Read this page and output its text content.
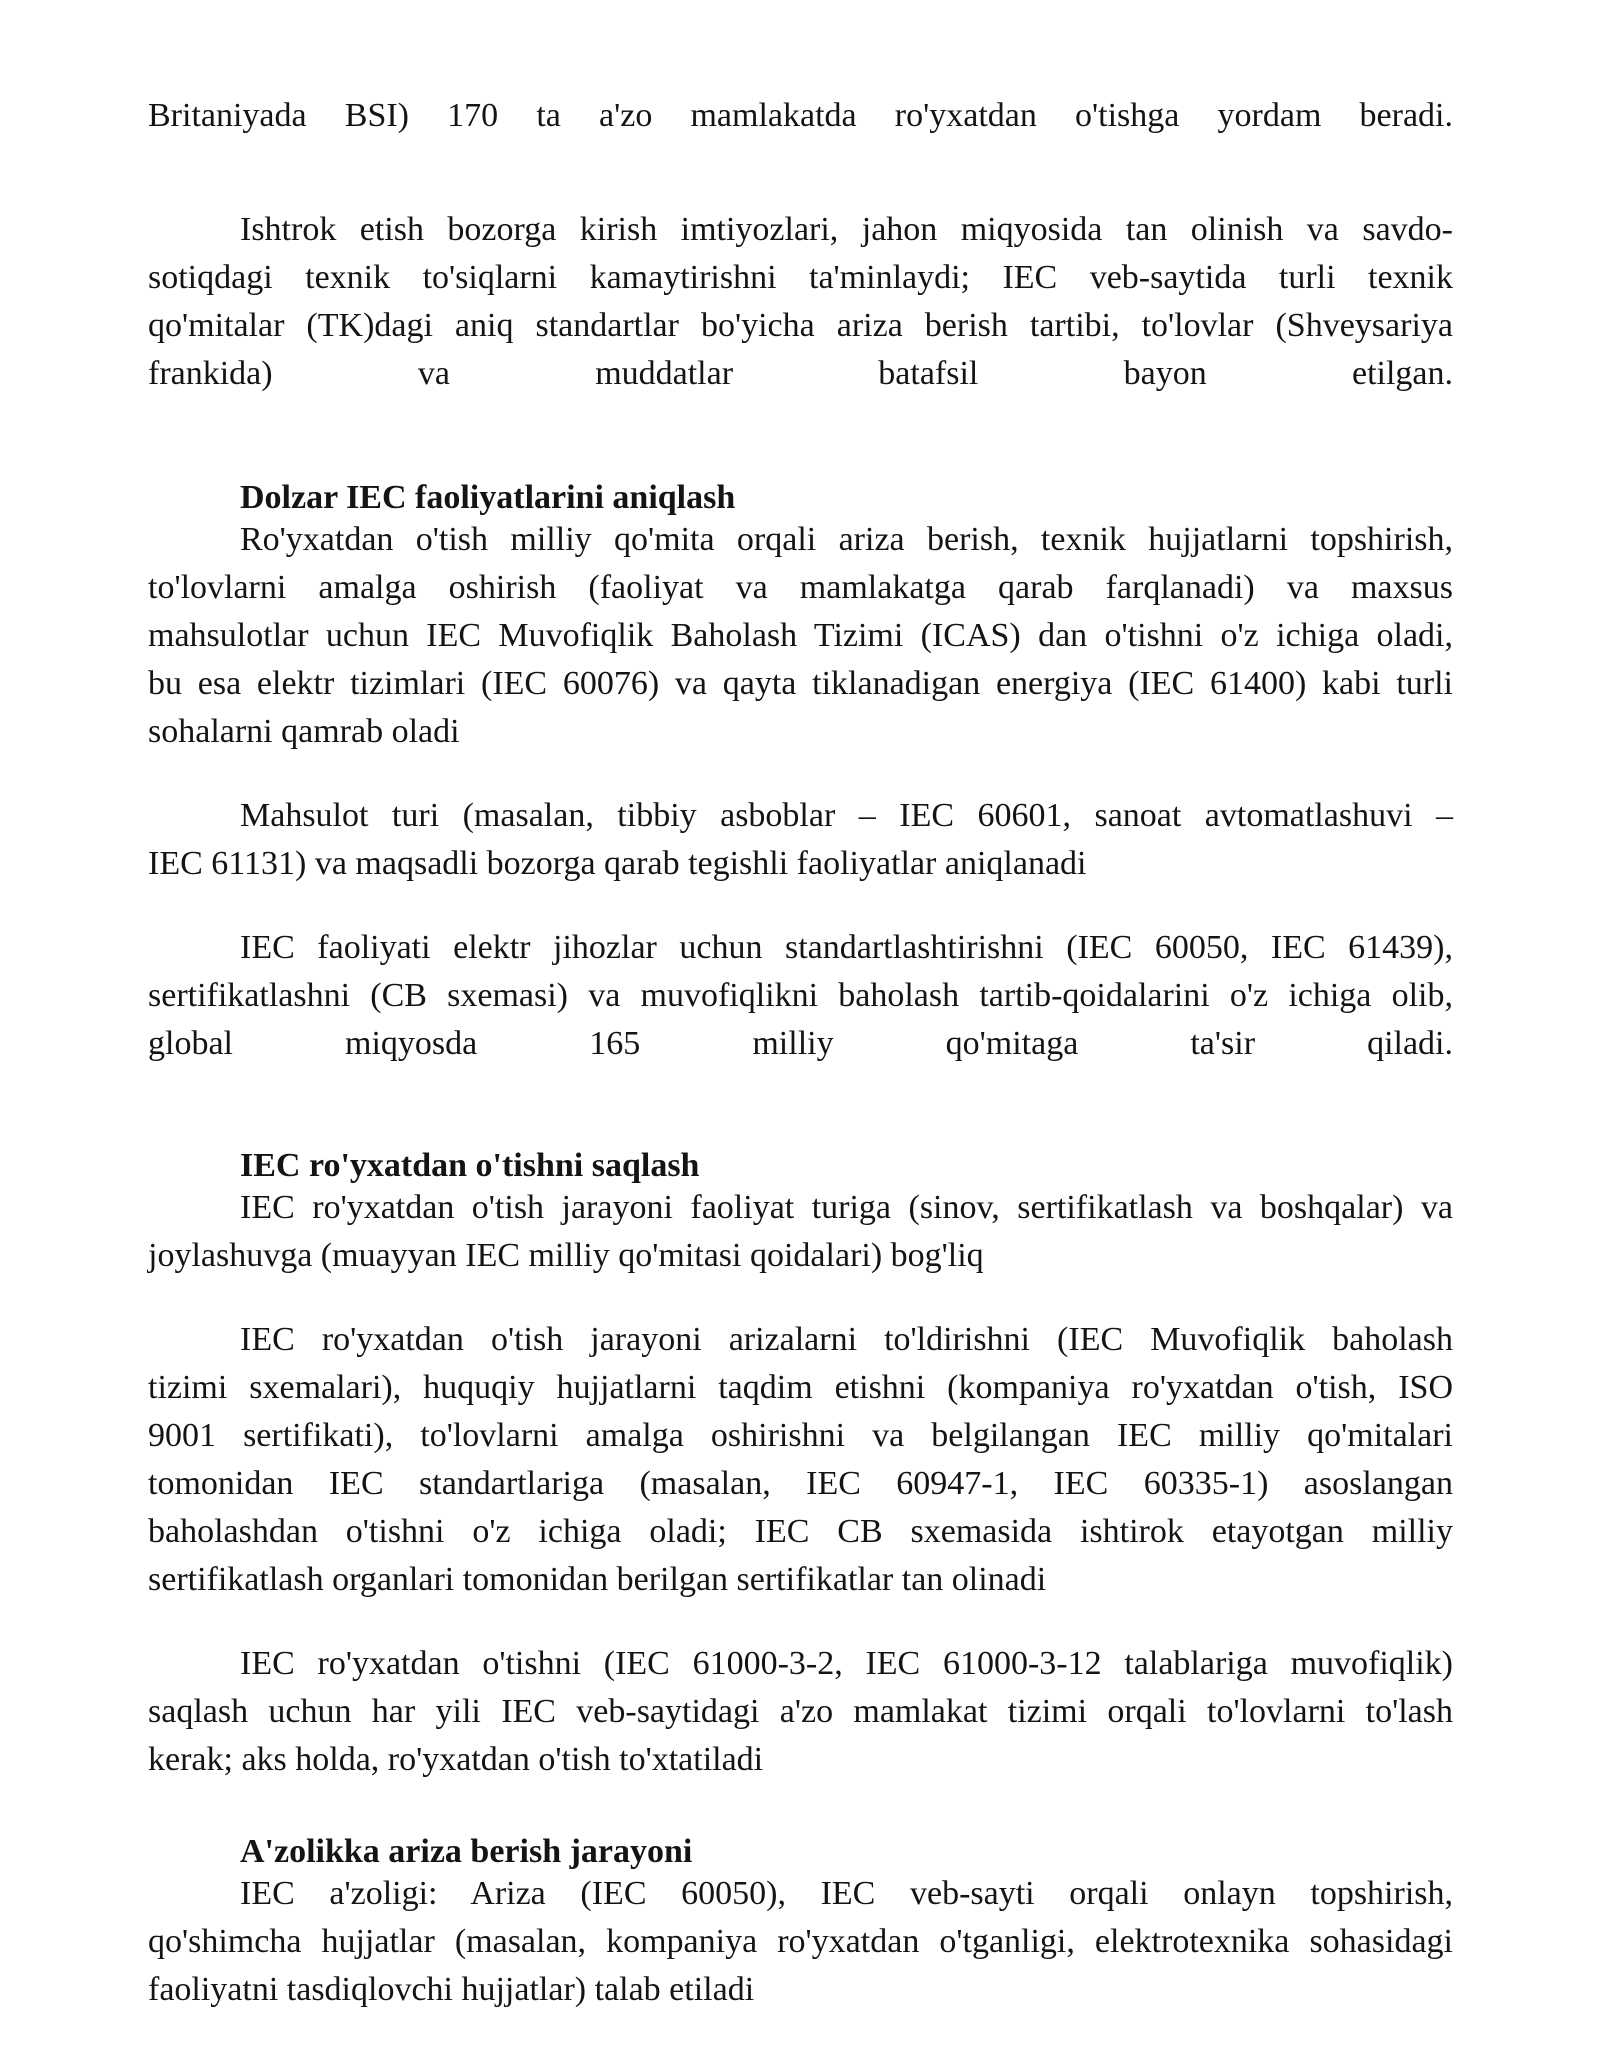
Britaniyada BSI) 170 ta a'zo mamlakatda ro'yxatdan o'tishga yordam beradi.
Ishtrok etish bozorga kirish imtiyozlari, jahon miqyosida tan olinish va savdo-
sotiqdagi texnik to'siqlarni kamaytirishni ta'minlaydi; IEC veb-saytida turli texnik
qo'mitalar (TK)dagi aniq standartlar bo'yicha ariza berish tartibi, to'lovlar (Shveysariya
frankida) va muddatlar batafsil bayon etilgan.
Dolzar IEC faoliyatlarini aniqlash
Ro'yxatdan o'tish milliy qo'mita orqali ariza berish, texnik hujjatlarni topshirish,
to'lovlarni amalga oshirish (faoliyat va mamlakatga qarab farqlanadi) va maxsus
mahsulotlar uchun IEC Muvofiqlik Baholash Tizimi (ICAS) dan o'tishni o'z ichiga oladi,
bu esa elektr tizimlari (IEC 60076) va qayta tiklanadigan energiya (IEC 61400) kabi turli
sohalarni qamrab oladi
Mahsulot turi (masalan, tibbiy asboblar – IEC 60601, sanoat avtomatlashuvi –
IEC 61131) va maqsadli bozorga qarab tegishli faoliyatlar aniqlanadi
IEC faoliyati elektr jihozlar uchun standartlashtirishni (IEC 60050, IEC 61439),
sertifikatlashni (CB sxemasi) va muvofiqlikni baholash tartib-qoidalarini o'z ichiga olib,
global miqyosda 165 milliy qo'mitaga ta'sir qiladi.
IEC ro'yxatdan o'tishni saqlash
IEC ro'yxatdan o'tish jarayoni faoliyat turiga (sinov, sertifikatlash va boshqalar) va
joylashuvga (muayyan IEC milliy qo'mitasi qoidalari) bog'liq
IEC ro'yxatdan o'tish jarayoni arizalarni to'ldirishni (IEC Muvofiqlik baholash
tizimi sxemalari), huquqiy hujjatlarni taqdim etishni (kompaniya ro'yxatdan o'tish, ISO
9001 sertifikati), to'lovlarni amalga oshirishni va belgilangan IEC milliy qo'mitalari
tomonidan IEC standartlariga (masalan, IEC 60947-1, IEC 60335-1) asoslangan
baholashdan o'tishni o'z ichiga oladi; IEC CB sxemasida ishtirok etayotgan milliy
sertifikatlash organlari tomonidan berilgan sertifikatlar tan olinadi
IEC ro'yxatdan o'tishni (IEC 61000-3-2, IEC 61000-3-12 talablariga muvofiqlik)
saqlash uchun har yili IEC veb-saytidagi a'zo mamlakat tizimi orqali to'lovlarni to'lash
kerak; aks holda, ro'yxatdan o'tish to'xtatiladi
A'zolikka ariza berish jarayoni
IEC a'zoligi: Ariza (IEC 60050), IEC veb-sayti orqali onlayn topshirish,
qo'shimcha hujjatlar (masalan, kompaniya ro'yxatdan o'tganligi, elektrotexnika sohasidagi
faoliyatni tasdiqlovchi hujjatlar) talab etiladi
